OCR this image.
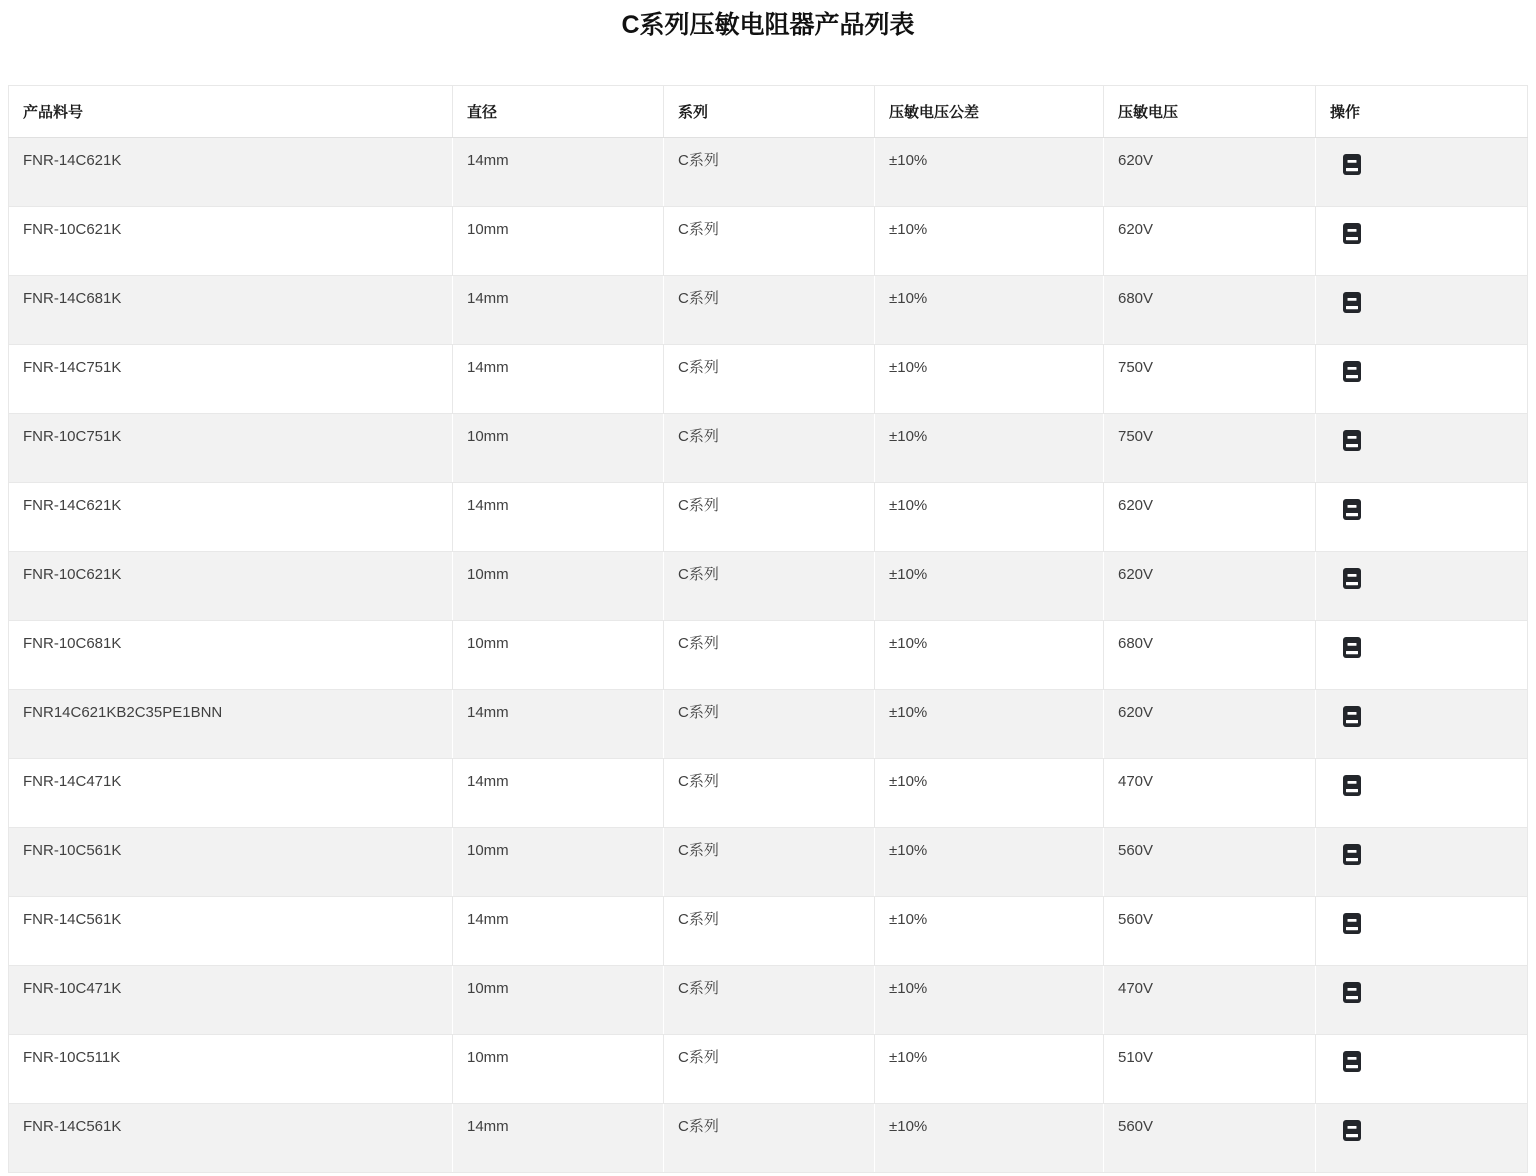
C系列压敏电阻器产品列表
产品料号	直径	系列	压敏电压公差	压敏电压	操作
FNR-14C621K	14mm	C系列	±10%	620V	

FNR-10C621K	10mm	C系列	±10%	620V	

FNR-14C681K	14mm	C系列	±10%	680V	

FNR-14C751K	14mm	C系列	±10%	750V	

FNR-10C751K	10mm	C系列	±10%	750V	

FNR-14C621K	14mm	C系列	±10%	620V	

FNR-10C621K	10mm	C系列	±10%	620V	

FNR-10C681K	10mm	C系列	±10%	680V	

FNR14C621KB2C35PE1BNN	14mm	C系列	±10%	620V	

FNR-14C471K	14mm	C系列	±10%	470V	

FNR-10C561K	10mm	C系列	±10%	560V	

FNR-14C561K	14mm	C系列	±10%	560V	

FNR-10C471K	10mm	C系列	±10%	470V	

FNR-10C511K	10mm	C系列	±10%	510V	

FNR-14C561K	14mm	C系列	±10%	560V	
